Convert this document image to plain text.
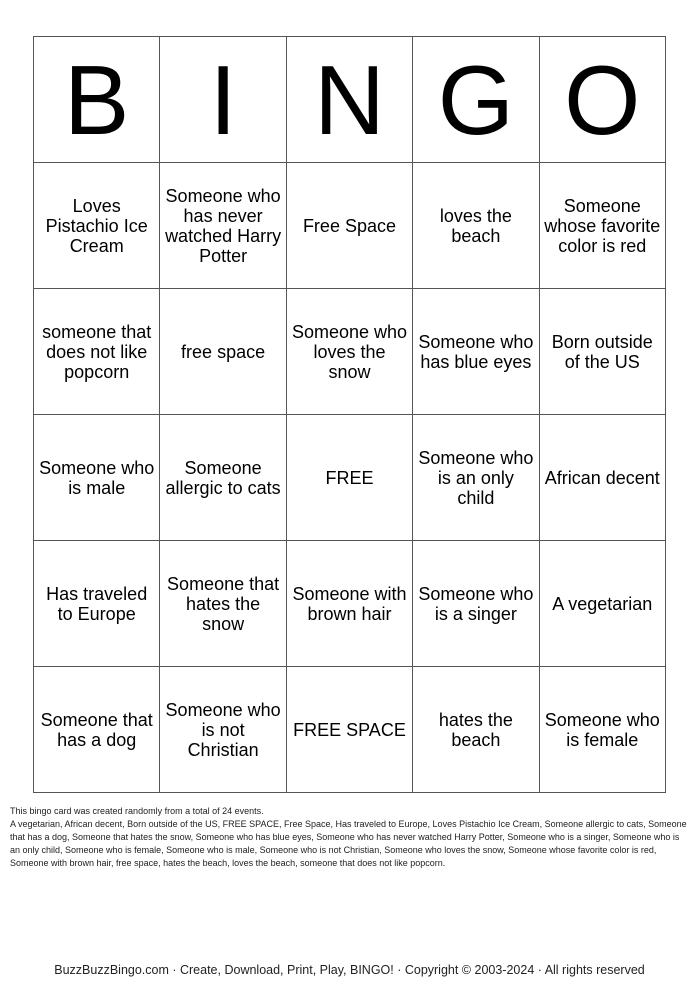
B	I	N	G	O
Loves Pistachio Ice Cream	Someone who has never watched Harry Potter	Free Space	loves the beach	Someone whose favorite color is red
someone that does not like popcorn	free space	Someone who loves the snow	Someone who has blue eyes	Born outside of the US
Someone who is male	Someone allergic to cats	FREE	Someone who is an only child	African decent
Has traveled to Europe	Someone that hates the snow	Someone with brown hair	Someone who is a singer	A vegetarian
Someone that has a dog	Someone who is not Christian	FREE SPACE	hates the beach	Someone who is female

This bingo card was created randomly from a total of 24 events.

A vegetarian, African decent, Born outside of the US, FREE SPACE, Free Space, Has traveled to Europe, Loves Pistachio Ice Cream, Someone allergic to cats, Someone that has a dog, Someone that hates the snow, Someone who has blue eyes, Someone who has never watched Harry Potter, Someone who is a singer, Someone who is an only child, Someone who is female, Someone who is male, Someone who is not Christian, Someone who loves the snow, Someone whose favorite color is red, Someone with brown hair, free space, hates the beach, loves the beach, someone that does not like popcorn.

BuzzBuzzBingo.com · Create, Download, Print, Play, BINGO! · Copyright © 2003-2024 · All rights reserved
